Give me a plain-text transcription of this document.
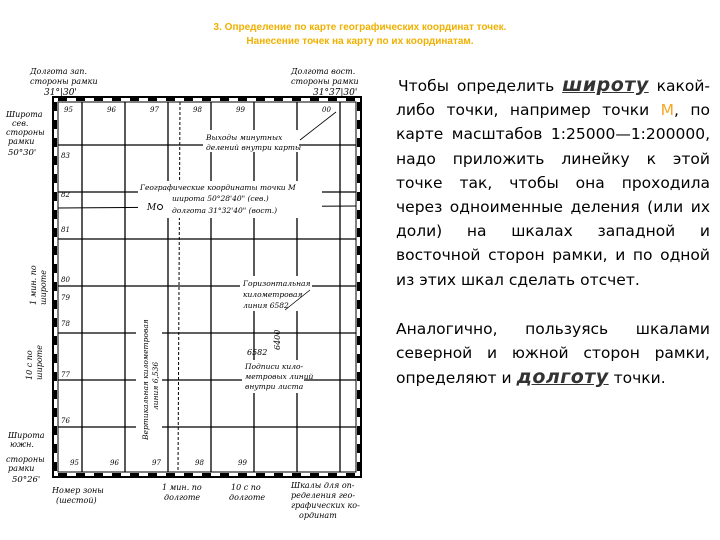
3. Определение по карте географических координат точек.
Нанесение точек на карту по их координатам.
Долгота зап.
стороны рамки
31°|30'
Долгота вост.
стороны рамки
31°37|30'
Широта
сев.
стороны
рамки
50°30'
1 мин. по широте
10 с по широте
Широта
южн.
стороны
рамки
50°26'
95	96	97	98	99	00
83
82
81
80
79
78
77
76
95	96	97	98	99
Выходы минутных
делений внутри карты
Географические координаты точки М
широта 50°28'40" (сев.)
долгота 31°32'40" (вост.)
М
Горизонтальная
километровая
линия 6582
6582
6400
Подписи кило-
метровых линий
внутри листа
Вертикальная километровая линия 6,536
Номер зоны
(шестой)
1 мин. по
долготе
10 с по
долготе
Шкалы для оп-
ределения гео-
графических ко-
ординат
Чтобы определить широту какой-либо точки, например точки М, по карте масштабов 1:25000—1:200000, надо приложить линейку к этой точке так, чтобы она проходила через одноименные деления (или их доли) на шкалах западной и восточной сторон рамки, и по одной из этих шкал сделать отсчет.
Аналогично, пользуясь шкалами северной и южной сторон рамки, определяют и долготу точки.
